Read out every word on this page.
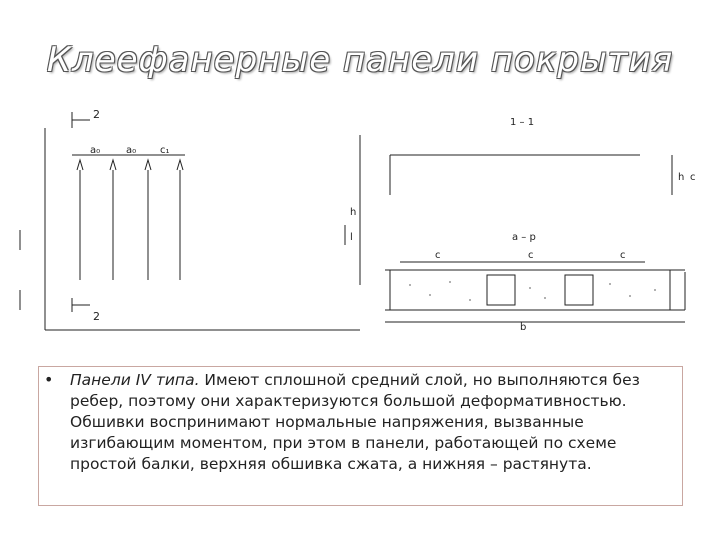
Клеефанерные панели покрытия
2
2
a₀	a₀ c₁
l
h
1 – 1
b
c	c	c
h c
a – p
• Панели IV типа. Имеют сплошной средний слой, но выполняются без ребер, поэтому они характеризуются большой деформативностью. Обшивки воспринимают нормальные напряжения, вызванные изгибающим моментом, при этом в панели, работающей по схеме простой балки, верхняя обшивка сжата, а нижняя – растянута.
